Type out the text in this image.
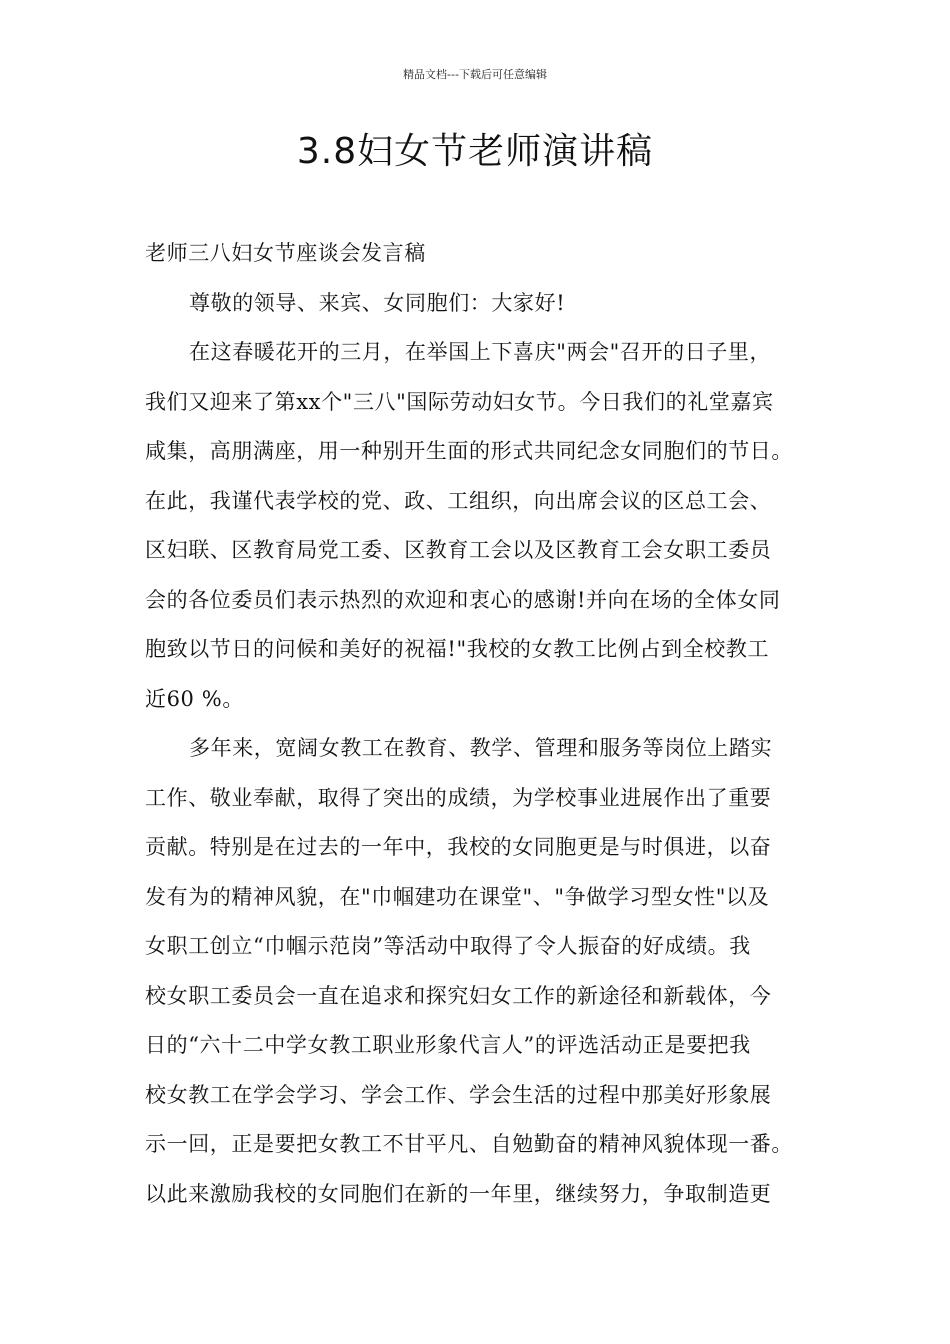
精品文档---下载后可任意编辑
3.8妇女节老师演讲稿
老师三八妇女节座谈会发言稿
尊敬的领导、来宾、女同胞们：大家好!
在这春暖花开的三月，在举国上下喜庆"两会"召开的日子里，
我们又迎来了第xx个"三八"国际劳动妇女节。今日我们的礼堂嘉宾
咸集，高朋满座，用一种别开生面的形式共同纪念女同胞们的节日。
在此，我谨代表学校的党、政、工组织，向出席会议的区总工会、
区妇联、区教育局党工委、区教育工会以及区教育工会女职工委员
会的各位委员们表示热烈的欢迎和衷心的感谢!并向在场的全体女同
胞致以节日的问候和美好的祝福!"我校的女教工比例占到全校教工
近60 %。
多年来，宽阔女教工在教育、教学、管理和服务等岗位上踏实
工作、敬业奉献，取得了突出的成绩，为学校事业进展作出了重要
贡献。特别是在过去的一年中，我校的女同胞更是与时俱进，以奋
发有为的精神风貌，在"巾帼建功在课堂"、"争做学习型女性"以及
女职工创立“巾帼示范岗”等活动中取得了令人振奋的好成绩。我
校女职工委员会一直在追求和探究妇女工作的新途径和新载体，今
日的“六十二中学女教工职业形象代言人”的评选活动正是要把我
校女教工在学会学习、学会工作、学会生活的过程中那美好形象展
示一回，正是要把女教工不甘平凡、自勉勤奋的精神风貌体现一番。
以此来激励我校的女同胞们在新的一年里，继续努力，争取制造更
